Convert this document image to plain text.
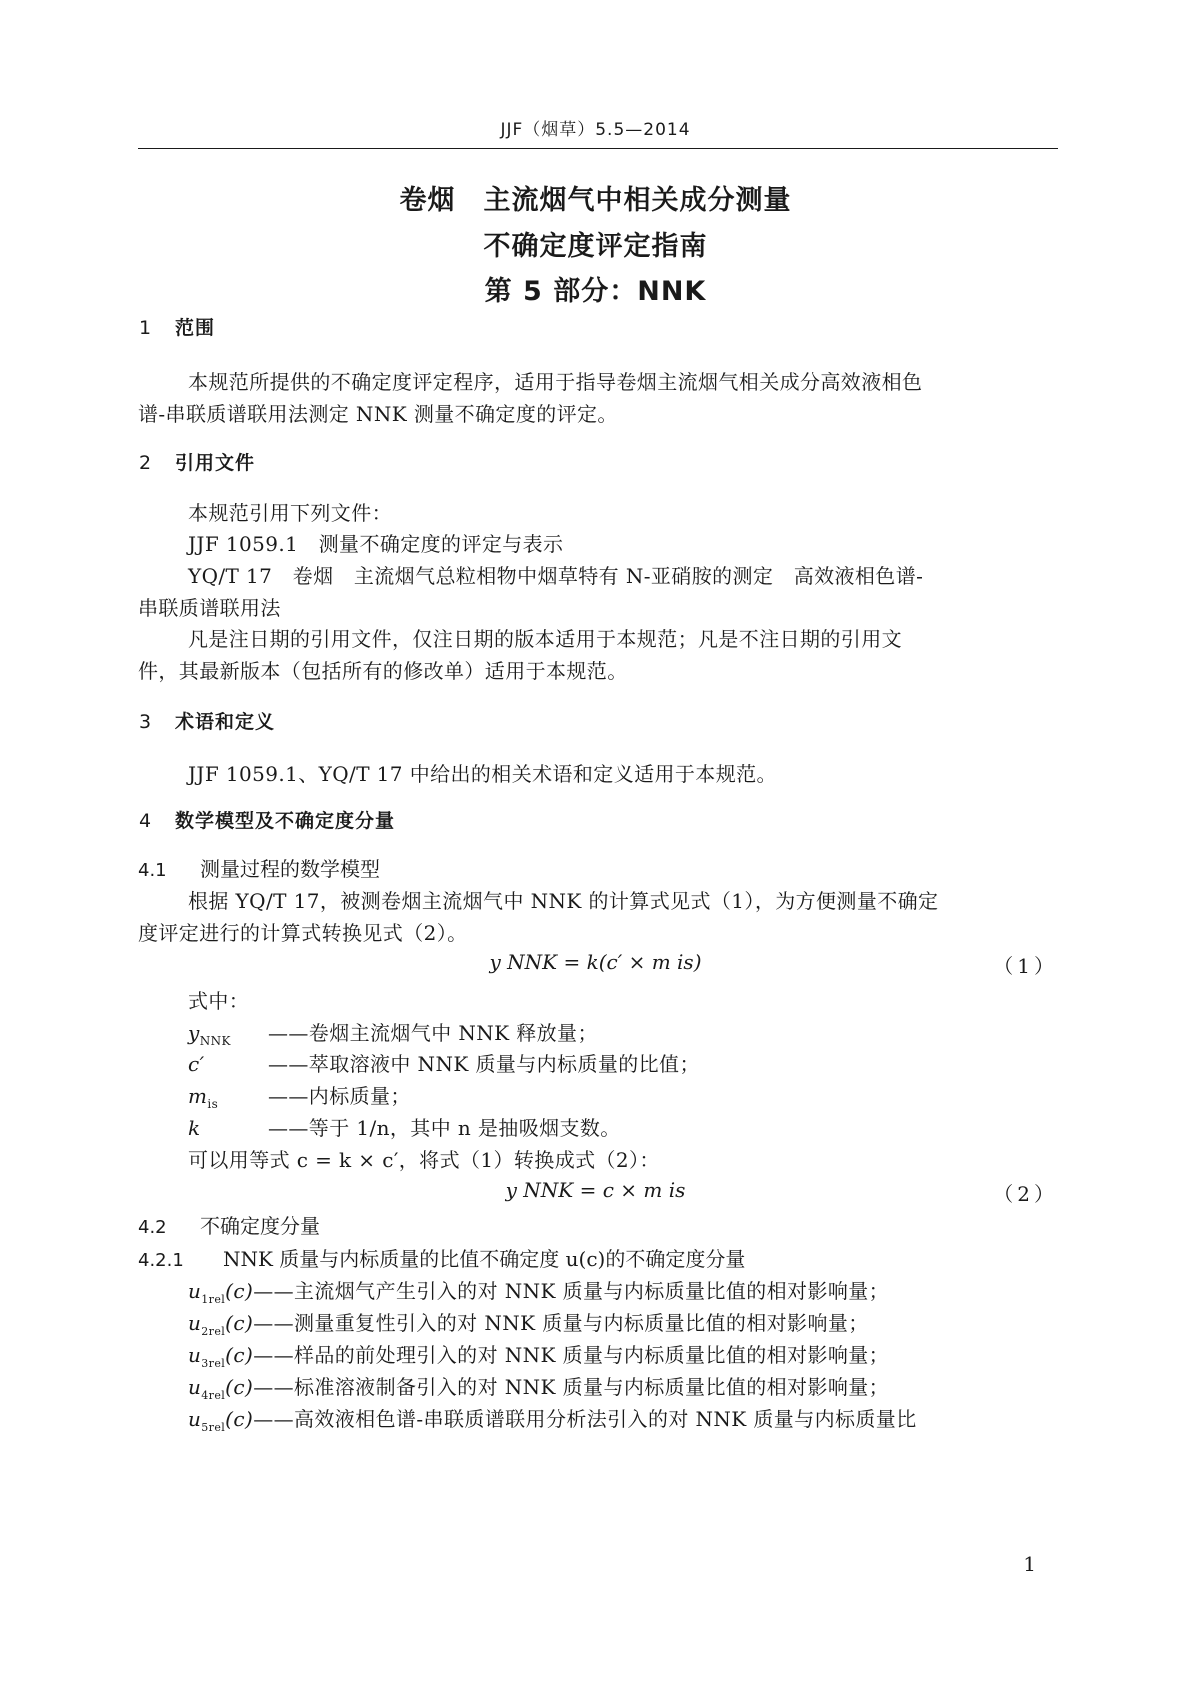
JJF（烟草）5.5—2014
卷烟　主流烟气中相关成分测量
不确定度评定指南
第 5 部分：NNK
1 范围
本规范所提供的不确定度评定程序，适用于指导卷烟主流烟气相关成分高效液相色
谱-串联质谱联用法测定 NNK 测量不确定度的评定。
2 引用文件
本规范引用下列文件：
JJF 1059.1　测量不确定度的评定与表示
YQ/T 17　卷烟　主流烟气总粒相物中烟草特有 N-亚硝胺的测定　高效液相色谱-
串联质谱联用法
凡是注日期的引用文件，仅注日期的版本适用于本规范；凡是不注日期的引用文
件，其最新版本（包括所有的修改单）适用于本规范。
3 术语和定义
JJF 1059.1、YQ/T 17 中给出的相关术语和定义适用于本规范。
4 数学模型及不确定度分量
4.1 测量过程的数学模型
根据 YQ/T 17，被测卷烟主流烟气中 NNK 的计算式见式（1），为方便测量不确定
度评定进行的计算式转换见式（2）。
y NNK = k(c′ × m is)	（1）
式中：
$y_{NNK}$ ——卷烟主流烟气中 NNK 释放量；
c′	——萃取溶液中 NNK 质量与内标质量的比值；
$m_{is}$ ——内标质量；
k	——等于 1/n，其中 n 是抽吸烟支数。
可以用等式 c = k × c′，将式（1）转换成式（2）：
y NNK = c × m is	（2）
4.2 不确定度分量
4.2.1 NNK 质量与内标质量的比值不确定度 u(c)的不确定度分量
$u_{1rel}(c)——$主流烟气产生引入的对 NNK 质量与内标质量比值的相对影响量；
$u_{2rel}(c)——$测量重复性引入的对 NNK 质量与内标质量比值的相对影响量；
$u_{3rel}(c)——$样品的前处理引入的对 NNK 质量与内标质量比值的相对影响量；
$u_{4rel}(c)——$标准溶液制备引入的对 NNK 质量与内标质量比值的相对影响量；
$u_{5rel}(c)——$高效液相色谱-串联质谱联用分析法引入的对 NNK 质量与内标质量比
1
